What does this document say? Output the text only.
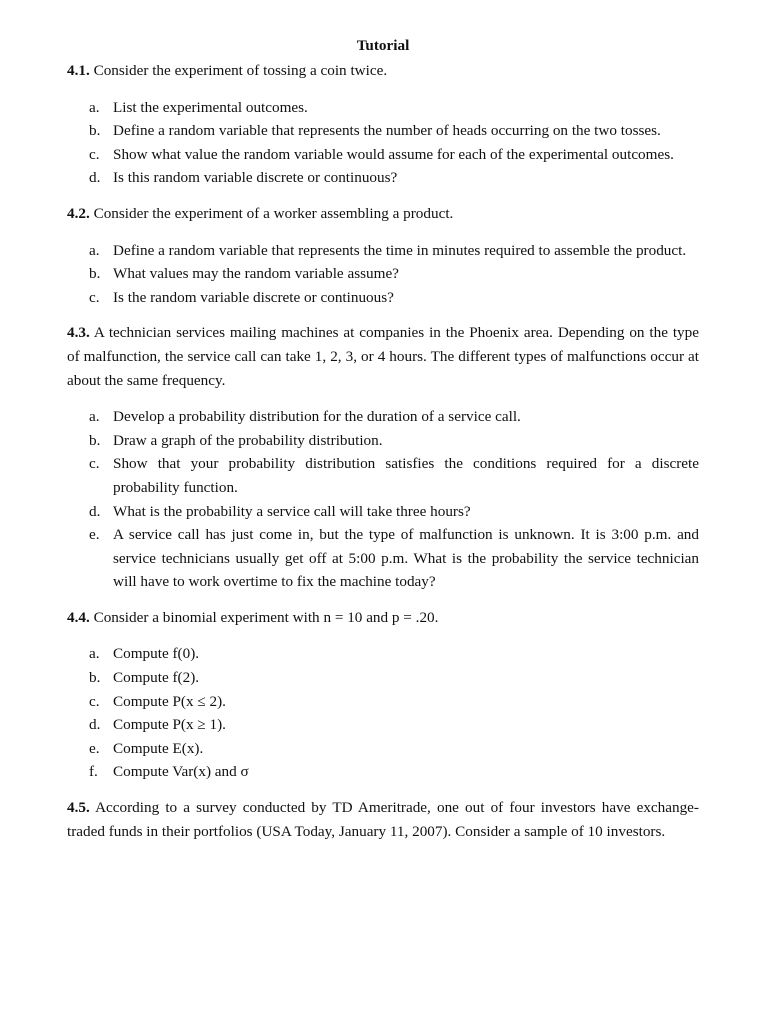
Tutorial

4.1. Consider the experiment of tossing a coin twice.

a. List the experimental outcomes.
b. Define a random variable that represents the number of heads occurring on the two tosses.
c. Show what value the random variable would assume for each of the experimental outcomes.
d. Is this random variable discrete or continuous?

4.2. Consider the experiment of a worker assembling a product.

a. Define a random variable that represents the time in minutes required to assemble the product.
b. What values may the random variable assume?
c. Is the random variable discrete or continuous?

4.3. A technician services mailing machines at companies in the Phoenix area. Depending on the type of malfunction, the service call can take 1, 2, 3, or 4 hours. The different types of malfunctions occur at about the same frequency.

a. Develop a probability distribution for the duration of a service call.
b. Draw a graph of the probability distribution.
c. Show that your probability distribution satisfies the conditions required for a discrete probability function.
d. What is the probability a service call will take three hours?
e. A service call has just come in, but the type of malfunction is unknown. It is 3:00 p.m. and service technicians usually get off at 5:00 p.m. What is the probability the service technician will have to work overtime to fix the machine today?

4.4. Consider a binomial experiment with n = 10 and p = .20.

a. Compute f(0).
b. Compute f(2).
c. Compute P(x ≤ 2).
d. Compute P(x ≥ 1).
e. Compute E(x).
f. Compute Var(x) and σ

4.5. According to a survey conducted by TD Ameritrade, one out of four investors have exchange-traded funds in their portfolios (USA Today, January 11, 2007). Consider a sample of 10 investors.
